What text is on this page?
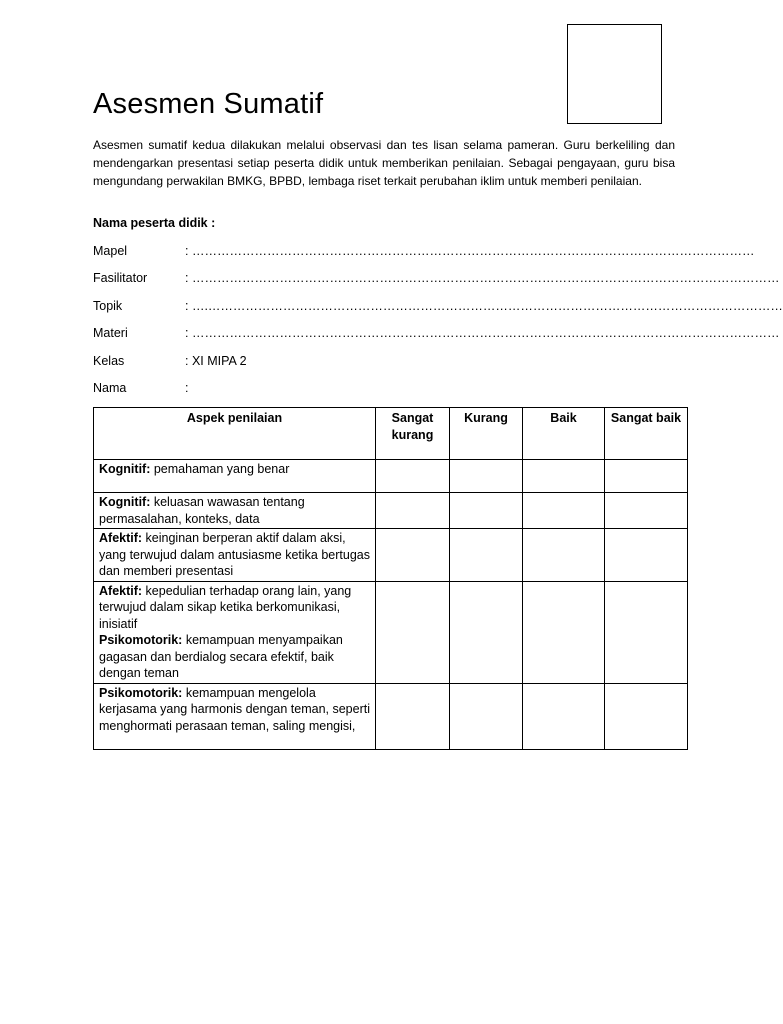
Asesmen Sumatif

Asesmen sumatif kedua dilakukan melalui observasi dan tes lisan selama pameran. Guru berkeliling dan mendengarkan presentasi setiap peserta didik untuk memberikan penilaian. Sebagai pengayaan, guru bisa mengundang perwakilan BMKG, BPBD, lembaga riset terkait perubahan iklim untuk memberi penilaian.

Nama peserta didik :

Mapel	: ………………………………………………………………………………………………………………………
Fasilitator	: ……………………………………………………………………………………………………………………………
Topik	: ….…………………………………………………………………………………………………………………………
Materi	: ……………………………………………………………………………………………………………………………
Kelas	: XI MIPA 2
Nama	:
Aspek penilaian	Sangat kurang	Kurang	Baik	Sangat baik
Kognitif: pemahaman yang benar				
Kognitif: keluasan wawasan tentang permasalahan, konteks, data				
Afektif: keinginan berperan aktif dalam aksi, yang terwujud dalam antusiasme ketika bertugas dan memberi presentasi				
Afektif: kepedulian terhadap orang lain, yang terwujud dalam sikap ketika berkomunikasi, inisiatif
Psikomotorik: kemampuan menyampaikan gagasan dan berdialog secara efektif, baik dengan teman				
Psikomotorik: kemampuan mengelola kerjasama yang harmonis dengan teman, seperti menghormati perasaan teman, saling mengisi,				
